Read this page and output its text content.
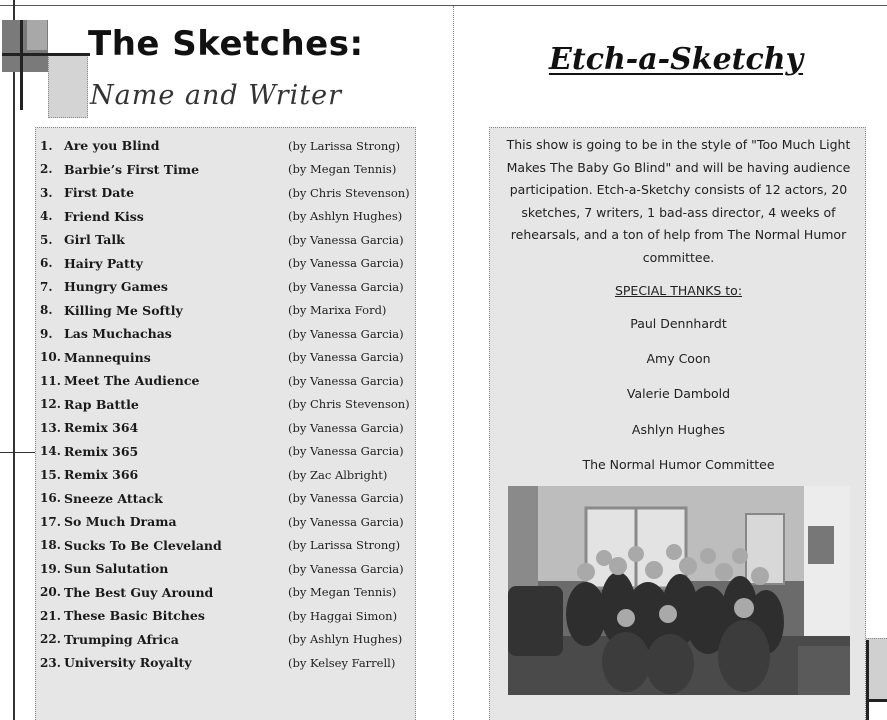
The Sketches:
Name and Writer
1. Are you Blind	(by Larissa Strong)
2. Barbie’s First Time	(by Megan Tennis)
3. First Date	(by Chris Stevenson)
4. Friend Kiss	(by Ashlyn Hughes)
5. Girl Talk	(by Vanessa Garcia)
6. Hairy Patty	(by Vanessa Garcia)
7. Hungry Games	(by Vanessa Garcia)
8. Killing Me Softly	(by Marixa Ford)
9. Las Muchachas	(by Vanessa Garcia)
10. Mannequins	(by Vanessa Garcia)
11. Meet The Audience	(by Vanessa Garcia)
12. Rap Battle	(by Chris Stevenson)
13. Remix 364	(by Vanessa Garcia)
14. Remix 365	(by Vanessa Garcia)
15. Remix 366	(by Zac Albright)
16. Sneeze Attack	(by Vanessa Garcia)
17. So Much Drama	(by Vanessa Garcia)
18. Sucks To Be Cleveland	(by Larissa Strong)
19. Sun Salutation	(by Vanessa Garcia)
20. The Best Guy Around	(by Megan Tennis)
21. These Basic Bitches	(by Haggai Simon)
22. Trumping Africa	(by Ashlyn Hughes)
23. University Royalty	(by Kelsey Farrell)
Etch-a-Sketchy

This show is going to be in the style of "Too Much Light Makes The Baby Go Blind" and will be having audience participation. Etch-a-Sketchy consists of 12 actors, 20 sketches, 7 writers, 1 bad-ass director, 4 weeks of rehearsals, and a ton of help from The Normal Humor committee.

SPECIAL THANKS to:
Paul Dennhardt
Amy Coon
Valerie Dambold
Ashlyn Hughes
The Normal Humor Committee
